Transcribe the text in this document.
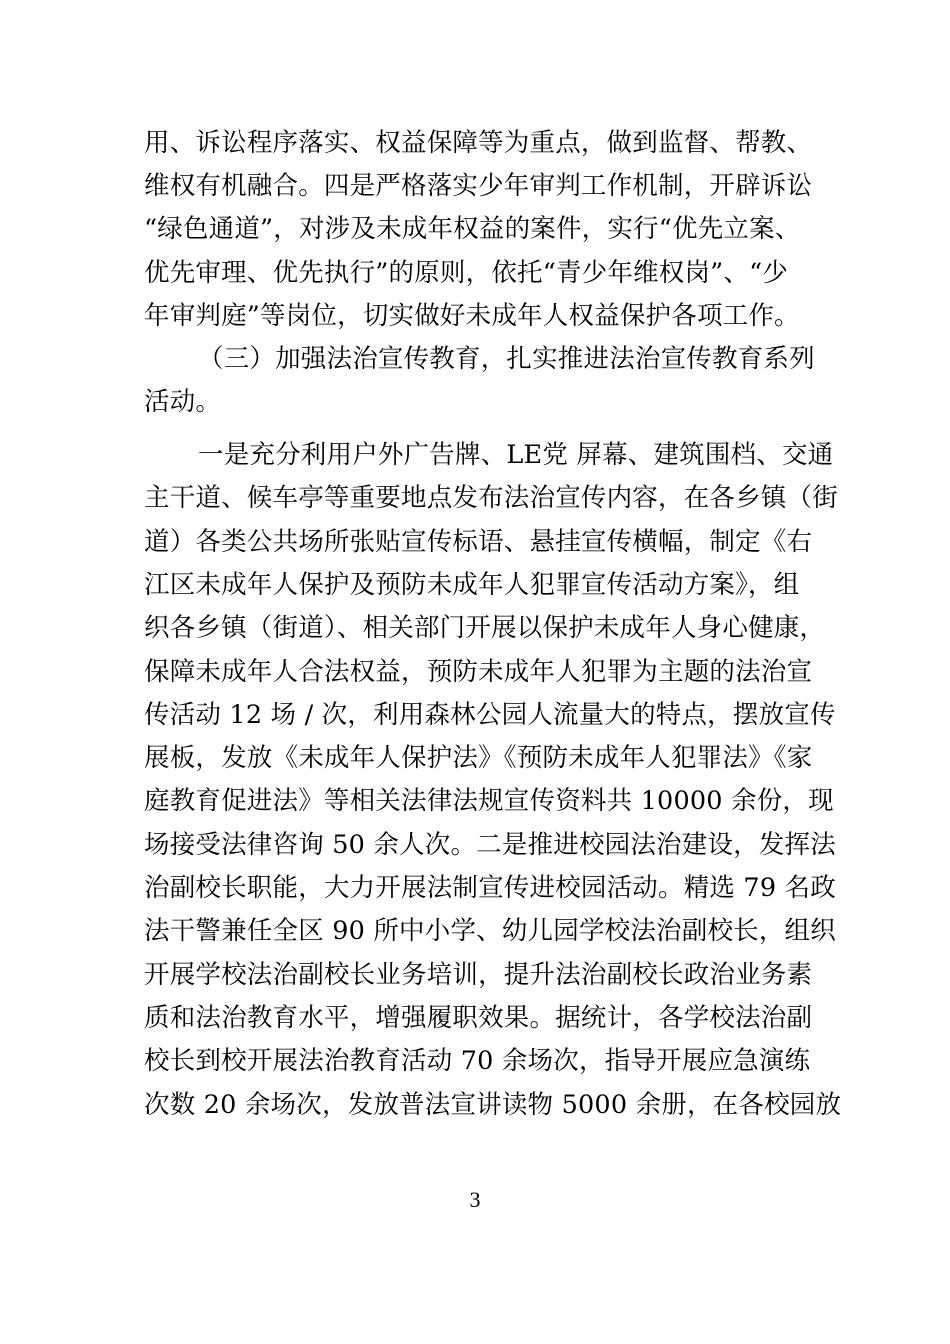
用、诉讼程序落实、权益保障等为重点，做到监督、帮教、
维权有机融合。四是严格落实少年审判工作机制，开辟诉讼
“绿色通道”，对涉及未成年权益的案件，实行“优先立案、
优先审理、优先执行”的原则，依托“青少年维权岗”、“少
年审判庭”等岗位，切实做好未成年人权益保护各项工作。
（三）加强法治宣传教育，扎实推进法治宣传教育系列
活动。
一是充分利用户外广告牌、LE党 屏幕、建筑围档、交通
主干道、候车亭等重要地点发布法治宣传内容，在各乡镇（街
道）各类公共场所张贴宣传标语、悬挂宣传横幅，制定《右
江区未成年人保护及预防未成年人犯罪宣传活动方案》，组
织各乡镇（街道）、相关部门开展以保护未成年人身心健康，
保障未成年人合法权益，预防未成年人犯罪为主题的法治宣
传活动 12 场 / 次，利用森林公园人流量大的特点，摆放宣传
展板，发放《未成年人保护法》《预防未成年人犯罪法》《家
庭教育促进法》等相关法律法规宣传资料共 10000 余份，现
场接受法律咨询 50 余人次。二是推进校园法治建设，发挥法
治副校长职能，大力开展法制宣传进校园活动。精选 79 名政
法干警兼任全区 90 所中小学、幼儿园学校法治副校长，组织
开展学校法治副校长业务培训，提升法治副校长政治业务素
质和法治教育水平，增强履职效果。据统计，各学校法治副
校长到校开展法治教育活动 70 余场次，指导开展应急演练
次数 20 余场次，发放普法宣讲读物 5000 余册，在各校园放
3
